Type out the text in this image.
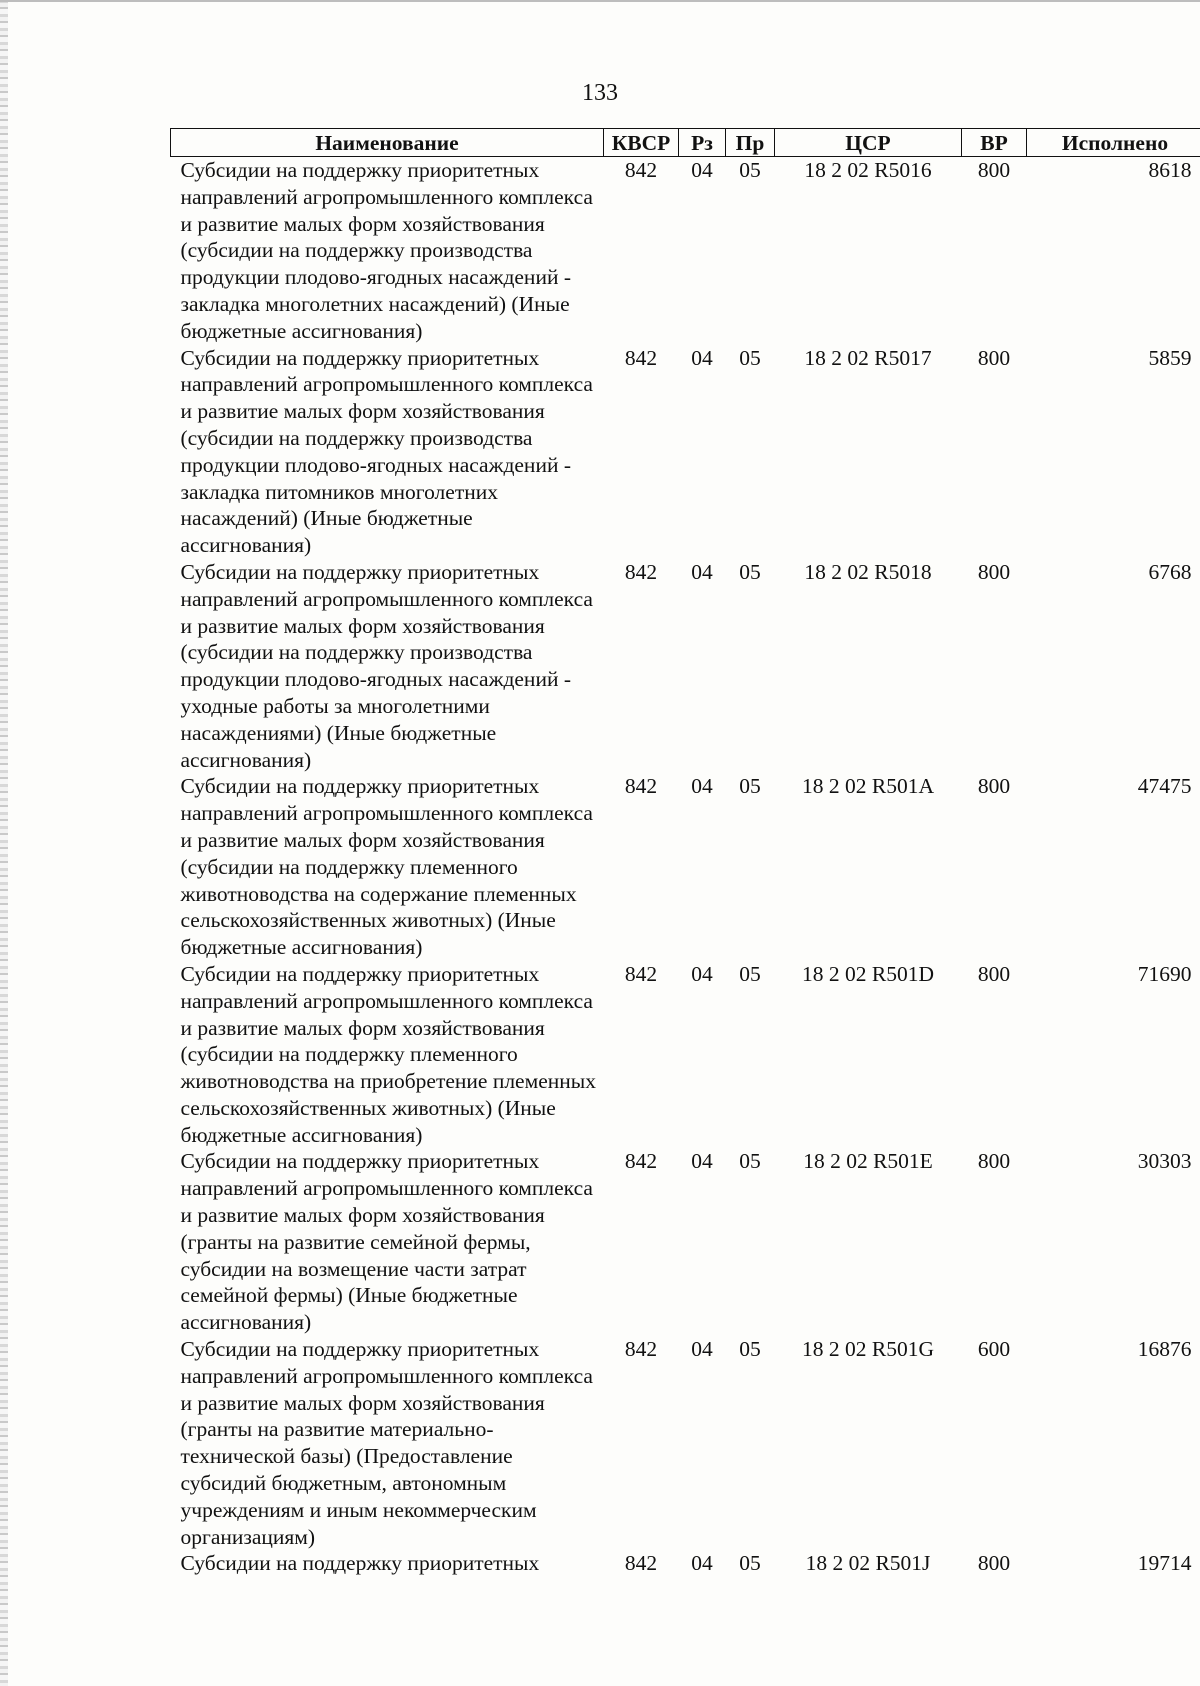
133
Наименование	КВСР	Рз	Пр	ЦСР	ВР	Исполнено
Субсидии на поддержку приоритетных направлений агропромышленного комплекса и развитие малых форм хозяйствования (субсидии на поддержку производства продукции плодово-ягодных насаждений - закладка многолетних насаждений) (Иные бюджетные ассигнования)	842	04	05	18 2 02 R5016	800	8618
Субсидии на поддержку приоритетных направлений агропромышленного комплекса и развитие малых форм хозяйствования (субсидии на поддержку производства продукции плодово-ягодных насаждений - закладка питомников многолетних насаждений) (Иные бюджетные ассигнования)	842	04	05	18 2 02 R5017	800	5859
Субсидии на поддержку приоритетных направлений агропромышленного комплекса и развитие малых форм хозяйствования (субсидии на поддержку производства продукции плодово-ягодных насаждений - уходные работы за многолетними насаждениями) (Иные бюджетные ассигнования)	842	04	05	18 2 02 R5018	800	6768
Субсидии на поддержку приоритетных направлений агропромышленного комплекса и развитие малых форм хозяйствования (субсидии на поддержку племенного животноводства на содержание племенных сельскохозяйственных животных) (Иные бюджетные ассигнования)	842	04	05	18 2 02 R501A	800	47475
Субсидии на поддержку приоритетных направлений агропромышленного комплекса и развитие малых форм хозяйствования (субсидии на поддержку племенного животноводства на приобретение племенных сельскохозяйственных животных) (Иные бюджетные ассигнования)	842	04	05	18 2 02 R501D	800	71690
Субсидии на поддержку приоритетных направлений агропромышленного комплекса и развитие малых форм хозяйствования (гранты на развитие семейной фермы, субсидии на возмещение части затрат семейной фермы) (Иные бюджетные ассигнования)	842	04	05	18 2 02 R501E	800	30303
Субсидии на поддержку приоритетных направлений агропромышленного комплекса и развитие малых форм хозяйствования (гранты на развитие материально-технической базы) (Предоставление субсидий бюджетным, автономным учреждениям и иным некоммерческим организациям)	842	04	05	18 2 02 R501G	600	16876
Субсидии на поддержку приоритетных	842	04	05	18 2 02 R501J	800	19714
